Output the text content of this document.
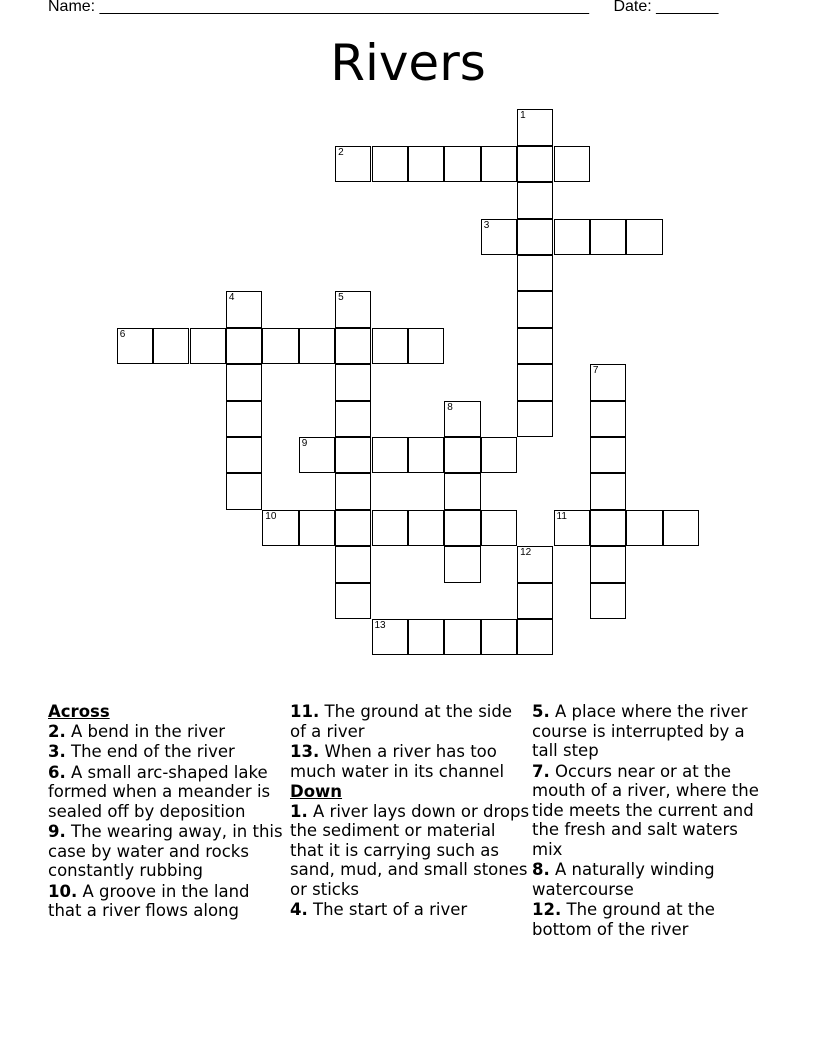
Name: _______________________________________________________ Date: _______
Rivers
1
2
3
6
4	5
7
8
9
10	11
12
13
Across
2. A bend in the river
3. The end of the river
6. A small arc-shaped lake formed when a meander is sealed off by deposition
9. The wearing away, in this case by water and rocks constantly rubbing
10. A groove in the land that a river flows along
11. The ground at the side of a river
13. When a river has too much water in its channel
Down
1. A river lays down or drops the sediment or material that it is carrying such as sand, mud, and small stones or sticks
4. The start of a river
5. A place where the river course is interrupted by a tall step
7. Occurs near or at the mouth of a river, where the tide meets the current and the fresh and salt waters mix
8. A naturally winding watercourse
12. The ground at the bottom of the river
